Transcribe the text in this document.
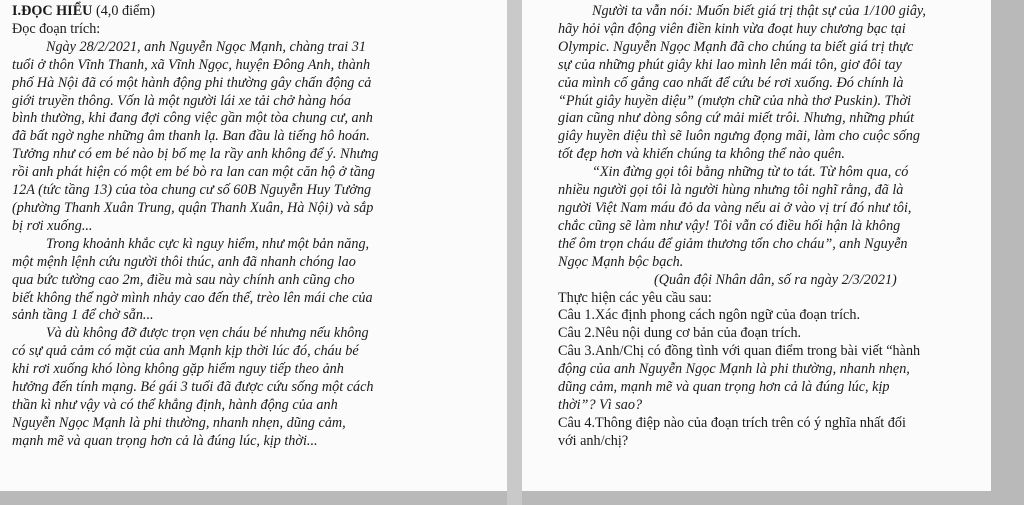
I.ĐỌC HIỂU (4,0 điểm)
Đọc đoạn trích:
Ngày 28/2/2021, anh Nguyễn Ngọc Mạnh, chàng trai 31
tuổi ở thôn Vĩnh Thanh, xã Vĩnh Ngọc, huyện Đông Anh, thành
phố Hà Nội đã có một hành động phi thường gây chấn động cả
giới truyền thông. Vốn là một người lái xe tải chở hàng hóa
bình thường, khi đang đợi công việc gần một tòa chung cư, anh
đã bất ngờ nghe những âm thanh lạ. Ban đầu là tiếng hô hoán.
Tưởng như có em bé nào bị bố mẹ la rầy anh không để ý. Nhưng
rồi anh phát hiện có một em bé bò ra lan can một căn hộ ở tầng
12A (tức tầng 13) của tòa chung cư số 60B Nguyễn Huy Tưởng
(phường Thanh Xuân Trung, quận Thanh Xuân, Hà Nội) và sắp
bị rơi xuống...
Trong khoảnh khắc cực kì nguy hiểm, như một bản năng,
một mệnh lệnh cứu người thôi thúc, anh đã nhanh chóng lao
qua bức tường cao 2m, điều mà sau này chính anh cũng cho
biết không thể ngờ mình nhảy cao đến thế, trèo lên mái che của
sảnh tầng 1 để chờ sẵn...
Và dù không đỡ được trọn vẹn cháu bé nhưng nếu không
có sự quả cảm có mặt của anh Mạnh kịp thời lúc đó, cháu bé
khi rơi xuống khó lòng không gặp hiểm nguy tiếp theo ảnh
hưởng đến tính mạng. Bé gái 3 tuổi đã được cứu sống một cách
thần kì như vậy và có thể khẳng định, hành động của anh
Nguyễn Ngọc Mạnh là phi thường, nhanh nhẹn, dũng cảm,
mạnh mẽ và quan trọng hơn cả là đúng lúc, kịp thời...
Người ta vẫn nói: Muốn biết giá trị thật sự của 1/100 giây,
hãy hỏi vận động viên điền kinh vừa đoạt huy chương bạc tại
Olympic. Nguyễn Ngọc Mạnh đã cho chúng ta biết giá trị thực
sự của những phút giây khi lao mình lên mái tôn, giơ đôi tay
của mình cố gắng cao nhất để cứu bé rơi xuống. Đó chính là
“Phút giây huyền diệu” (mượn chữ của nhà thơ Puskin). Thời
gian cũng như dòng sông cứ mải miết trôi. Nhưng, những phút
giây huyền diệu thì sẽ luôn ngưng đọng mãi, làm cho cuộc sống
tốt đẹp hơn và khiến chúng ta không thể nào quên.
“Xin đừng gọi tôi bằng những từ to tát. Từ hôm qua, có
nhiều người gọi tôi là người hùng nhưng tôi nghĩ rằng, đã là
người Việt Nam máu đỏ da vàng nếu ai ở vào vị trí đó như tôi,
chắc cũng sẽ làm như vậy! Tôi vẫn có điều hối hận là không
thể ôm trọn cháu để giảm thương tổn cho cháu”, anh Nguyễn
Ngọc Mạnh bộc bạch.
(Quân đội Nhân dân, số ra ngày 2/3/2021)
Thực hiện các yêu cầu sau:
Câu 1.Xác định phong cách ngôn ngữ của đoạn trích.
Câu 2.Nêu nội dung cơ bản của đoạn trích.
Câu 3.Anh/Chị có đồng tình với quan điểm trong bài viết “hành
động của anh Nguyễn Ngọc Mạnh là phi thường, nhanh nhẹn,
dũng cảm, mạnh mẽ và quan trọng hơn cả là đúng lúc, kịp
thời”? Vì sao?
Câu 4.Thông điệp nào của đoạn trích trên có ý nghĩa nhất đối
với anh/chị?
